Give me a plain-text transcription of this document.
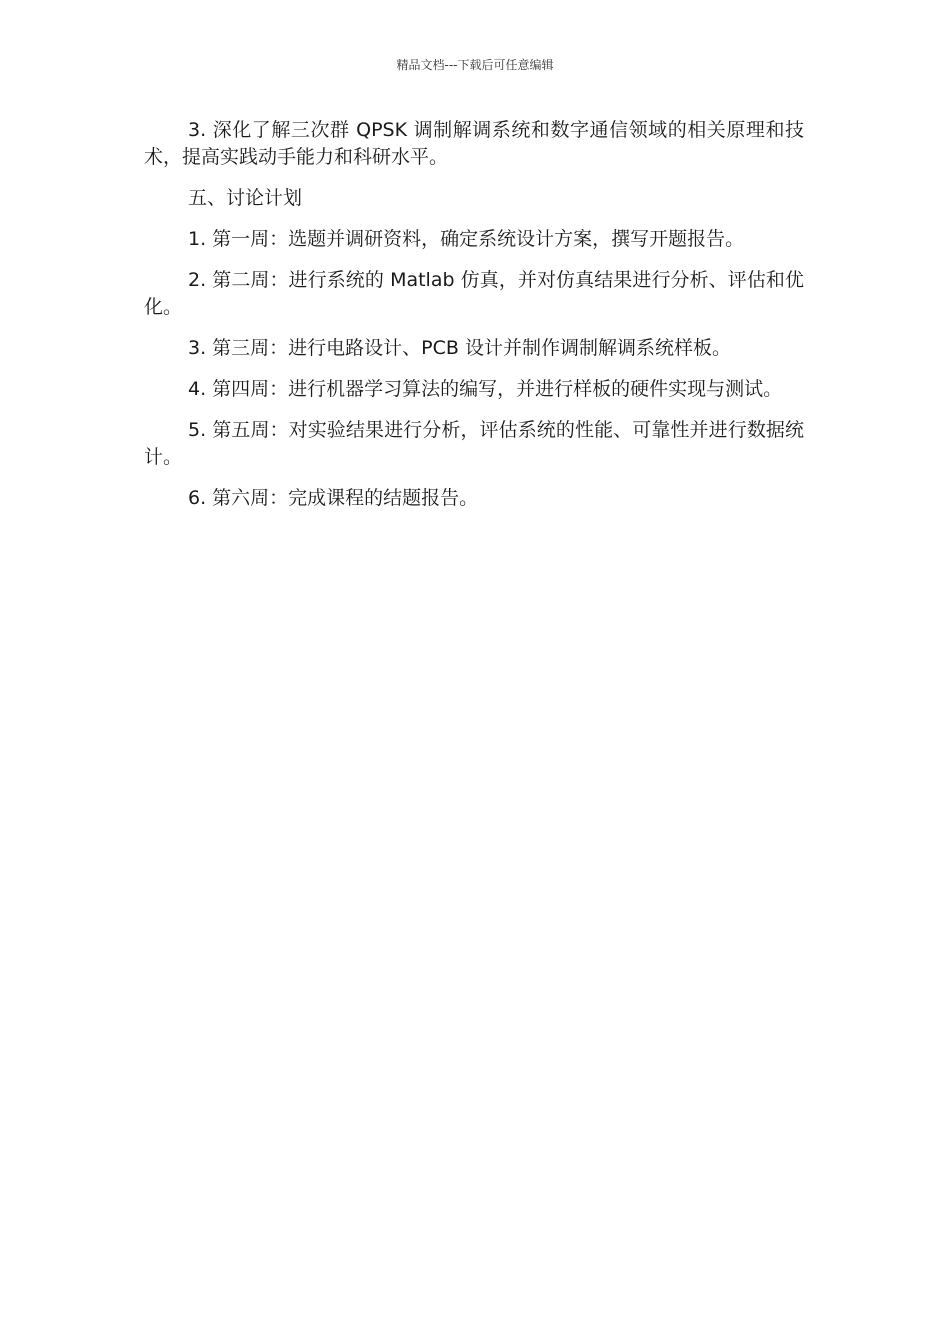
精品文档---下载后可任意编辑

3. 深化了解三次群 QPSK 调制解调系统和数字通信领域的相关原理和技术，提高实践动手能力和科研水平。

五、讨论计划

1. 第一周：选题并调研资料，确定系统设计方案，撰写开题报告。

2. 第二周：进行系统的 Matlab 仿真，并对仿真结果进行分析、评估和优化。

3. 第三周：进行电路设计、PCB 设计并制作调制解调系统样板。

4. 第四周：进行机器学习算法的编写，并进行样板的硬件实现与测试。

5. 第五周：对实验结果进行分析，评估系统的性能、可靠性并进行数据统计。

6. 第六周：完成课程的结题报告。
